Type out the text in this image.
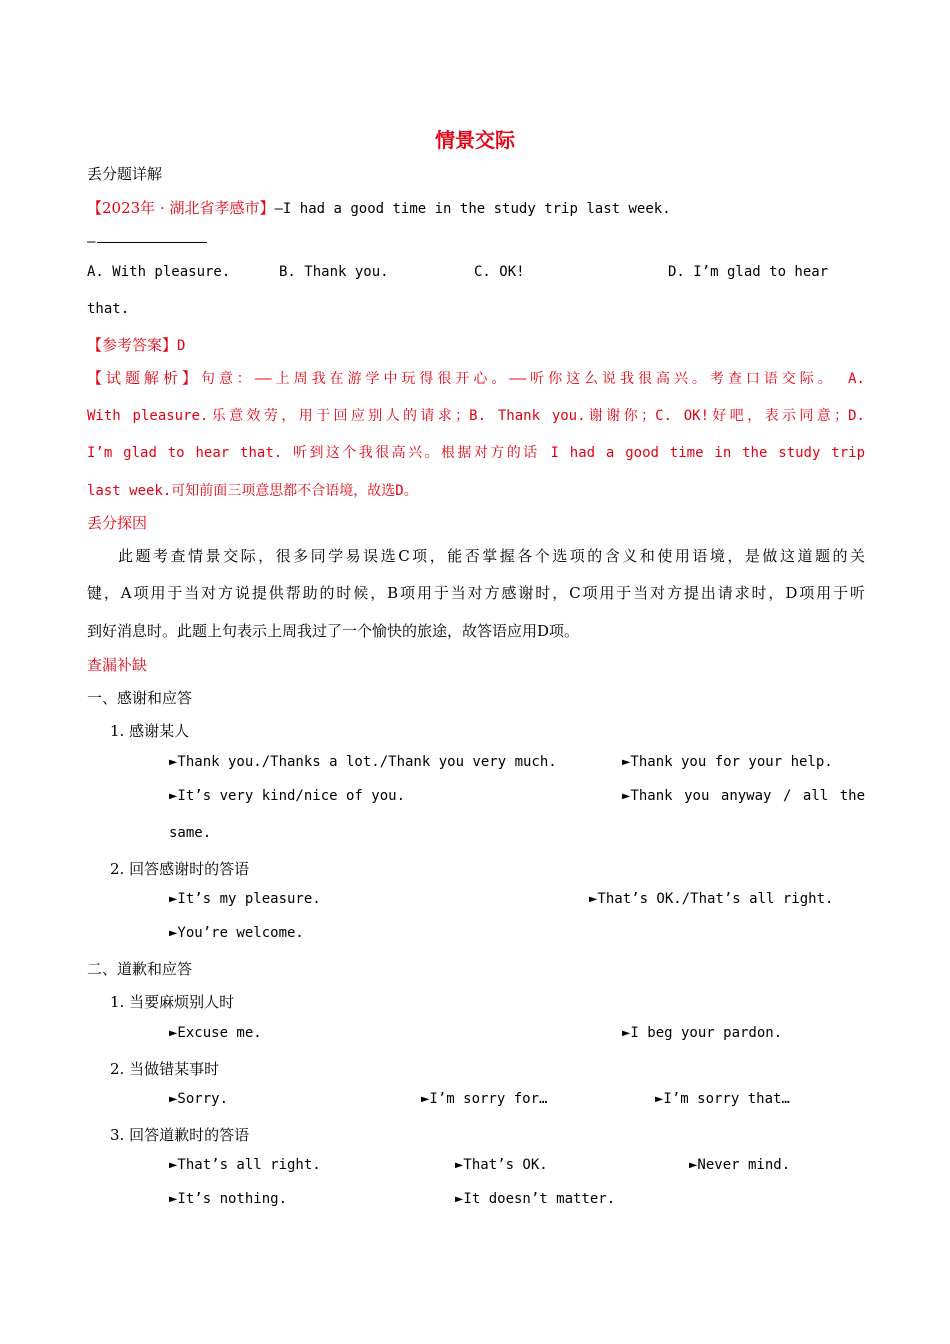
情景交际
丢分题详解
【2023年 · 湖北省孝感市】—I had a good time in the study trip last week.
—
A. With pleasure.	B. Thank you.	C. OK!	D. I’m glad to hear
that.
【参考答案】D
【试题解析】句意：——上周我在游学中玩得很开心。——听你这么说我很高兴。考查口语交际。 A.
With pleasure.乐意效劳，用于回应别人的请求；B. Thank you.谢谢你；C. OK!好吧，表示同意；D.
I’m glad to hear that. 听到这个我很高兴。根据对方的话 I had a good time in the study trip
last week.可知前面三项意思都不合语境，故选D。
丢分探因
此题考查情景交际，很多同学易误选C项，能否掌握各个选项的含义和使用语境，是做这道题的关
键，A项用于当对方说提供帮助的时候，B项用于当对方感谢时，C项用于当对方提出请求时，D项用于听
到好消息时。此题上句表示上周我过了一个愉快的旅途，故答语应用D项。
查漏补缺
一、感谢和应答
1. 感谢某人
►Thank you./Thanks a lot./Thank you very much.	►Thank you for your help.
►It’s very kind/nice of you.	►Thank you anyway / all the
same.
2. 回答感谢时的答语
►It’s my pleasure.	►That’s OK./That’s all right.
►You’re welcome.
二、道歉和应答
1. 当要麻烦别人时
►Excuse me.	►I beg your pardon.
2. 当做错某事时
►Sorry.	►I’m sorry for…	►I’m sorry that…
3. 回答道歉时的答语
►That’s all right.	►That’s OK.	►Never mind.
►It’s nothing.	►It doesn’t matter.
